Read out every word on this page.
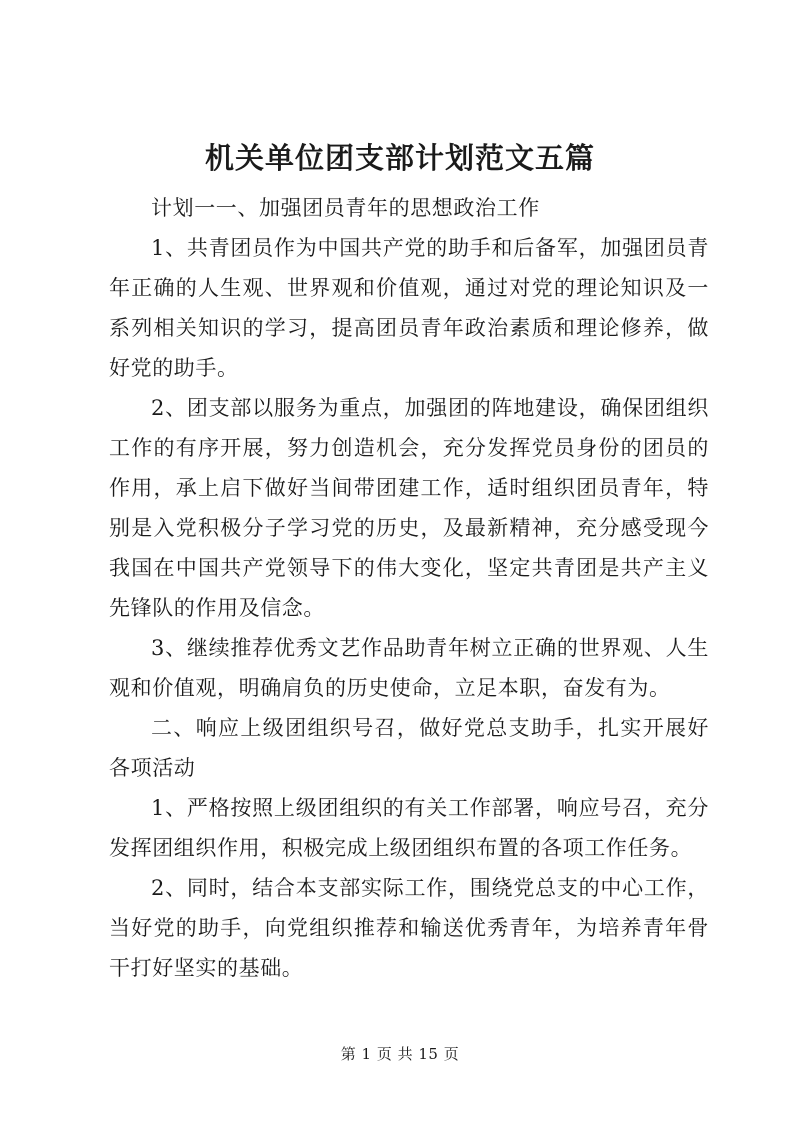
机关单位团支部计划范文五篇

计划一一、加强团员青年的思想政治工作

1、共青团员作为中国共产党的助手和后备军，加强团员青年正确的人生观、世界观和价值观，通过对党的理论知识及一系列相关知识的学习，提高团员青年政治素质和理论修养，做好党的助手。

2、团支部以服务为重点，加强团的阵地建设，确保团组织工作的有序开展，努力创造机会，充分发挥党员身份的团员的作用，承上启下做好当间带团建工作，适时组织团员青年，特别是入党积极分子学习党的历史，及最新精神，充分感受现今我国在中国共产党领导下的伟大变化，坚定共青团是共产主义先锋队的作用及信念。

3、继续推荐优秀文艺作品助青年树立正确的世界观、人生观和价值观，明确肩负的历史使命，立足本职，奋发有为。

二、响应上级团组织号召，做好党总支助手，扎实开展好各项活动

1、严格按照上级团组织的有关工作部署，响应号召，充分发挥团组织作用，积极完成上级团组织布置的各项工作任务。

2、同时，结合本支部实际工作，围绕党总支的中心工作，当好党的助手，向党组织推荐和输送优秀青年，为培养青年骨干打好坚实的基础。

第 1 页 共 15 页
